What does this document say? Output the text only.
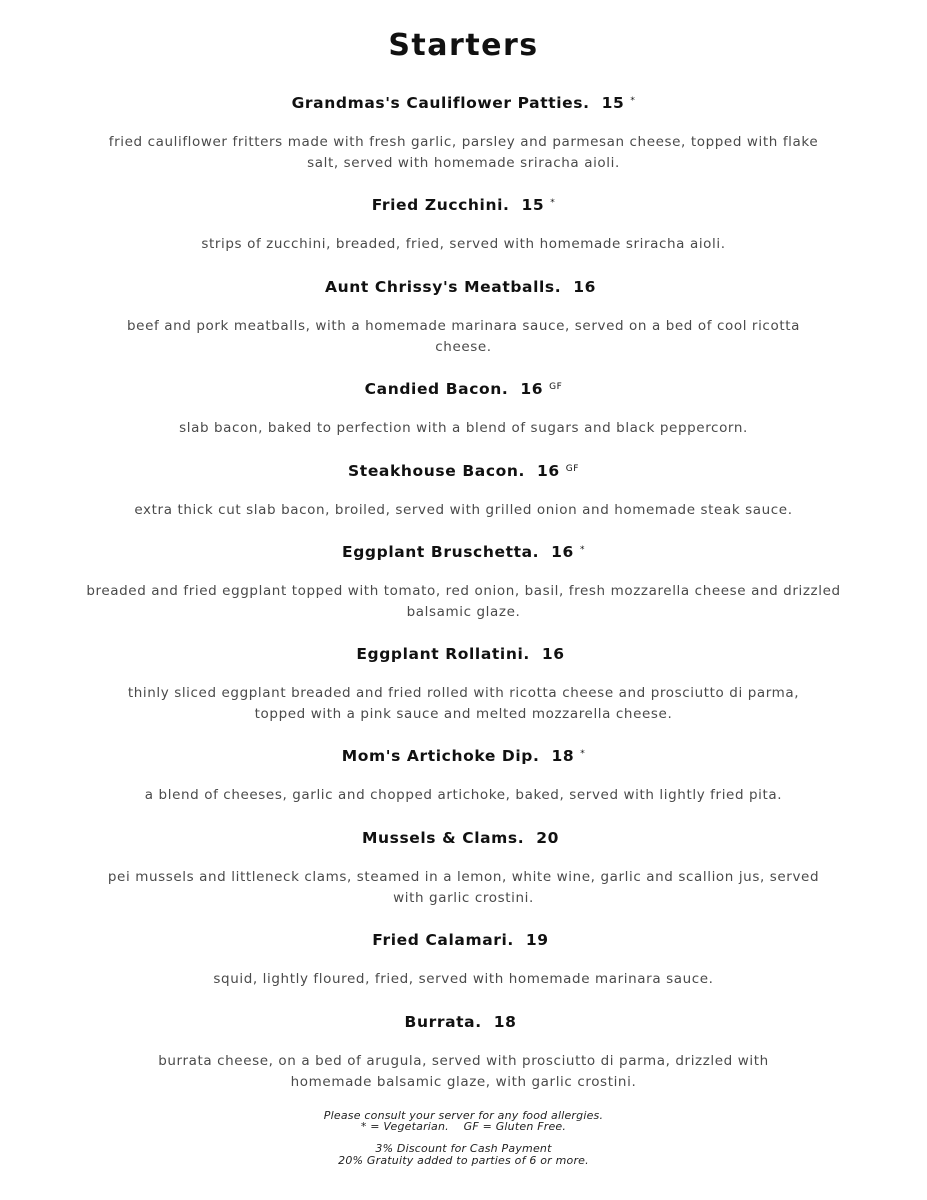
Starters
Grandmas's Cauliflower Patties. 15 *
fried cauliflower fritters made with fresh garlic, parsley and parmesan cheese, topped with flake salt, served with homemade sriracha aioli.
Fried Zucchini. 15 *
strips of zucchini, breaded, fried, served with homemade sriracha aioli.
Aunt Chrissy's Meatballs. 16
beef and pork meatballs, with a homemade marinara sauce, served on a bed of cool ricotta cheese.
Candied Bacon. 16 $^{GF}$
slab bacon, baked to perfection with a blend of sugars and black peppercorn.
Steakhouse Bacon. 16 $^{GF}$
extra thick cut slab bacon, broiled, served with grilled onion and homemade steak sauce.
Eggplant Bruschetta. 16 *
breaded and fried eggplant topped with tomato, red onion, basil, fresh mozzarella cheese and drizzled balsamic glaze.
Eggplant Rollatini. 16
thinly sliced eggplant breaded and fried rolled with ricotta cheese and prosciutto di parma, topped with a pink sauce and melted mozzarella cheese.
Mom's Artichoke Dip. 18 *
a blend of cheeses, garlic and chopped artichoke, baked, served with lightly fried pita.
Mussels & Clams. 20
pei mussels and littleneck clams, steamed in a lemon, white wine, garlic and scallion jus, served with garlic crostini.
Fried Calamari. 19
squid, lightly floured, fried, served with homemade marinara sauce.
Burrata. 18
burrata cheese, on a bed of arugula, served with prosciutto di parma, drizzled with homemade balsamic glaze, with garlic crostini.
Please consult your server for any food allergies.
* = Vegetarian.    GF = Gluten Free.
3% Discount for Cash Payment
20% Gratuity added to parties of 6 or more.
